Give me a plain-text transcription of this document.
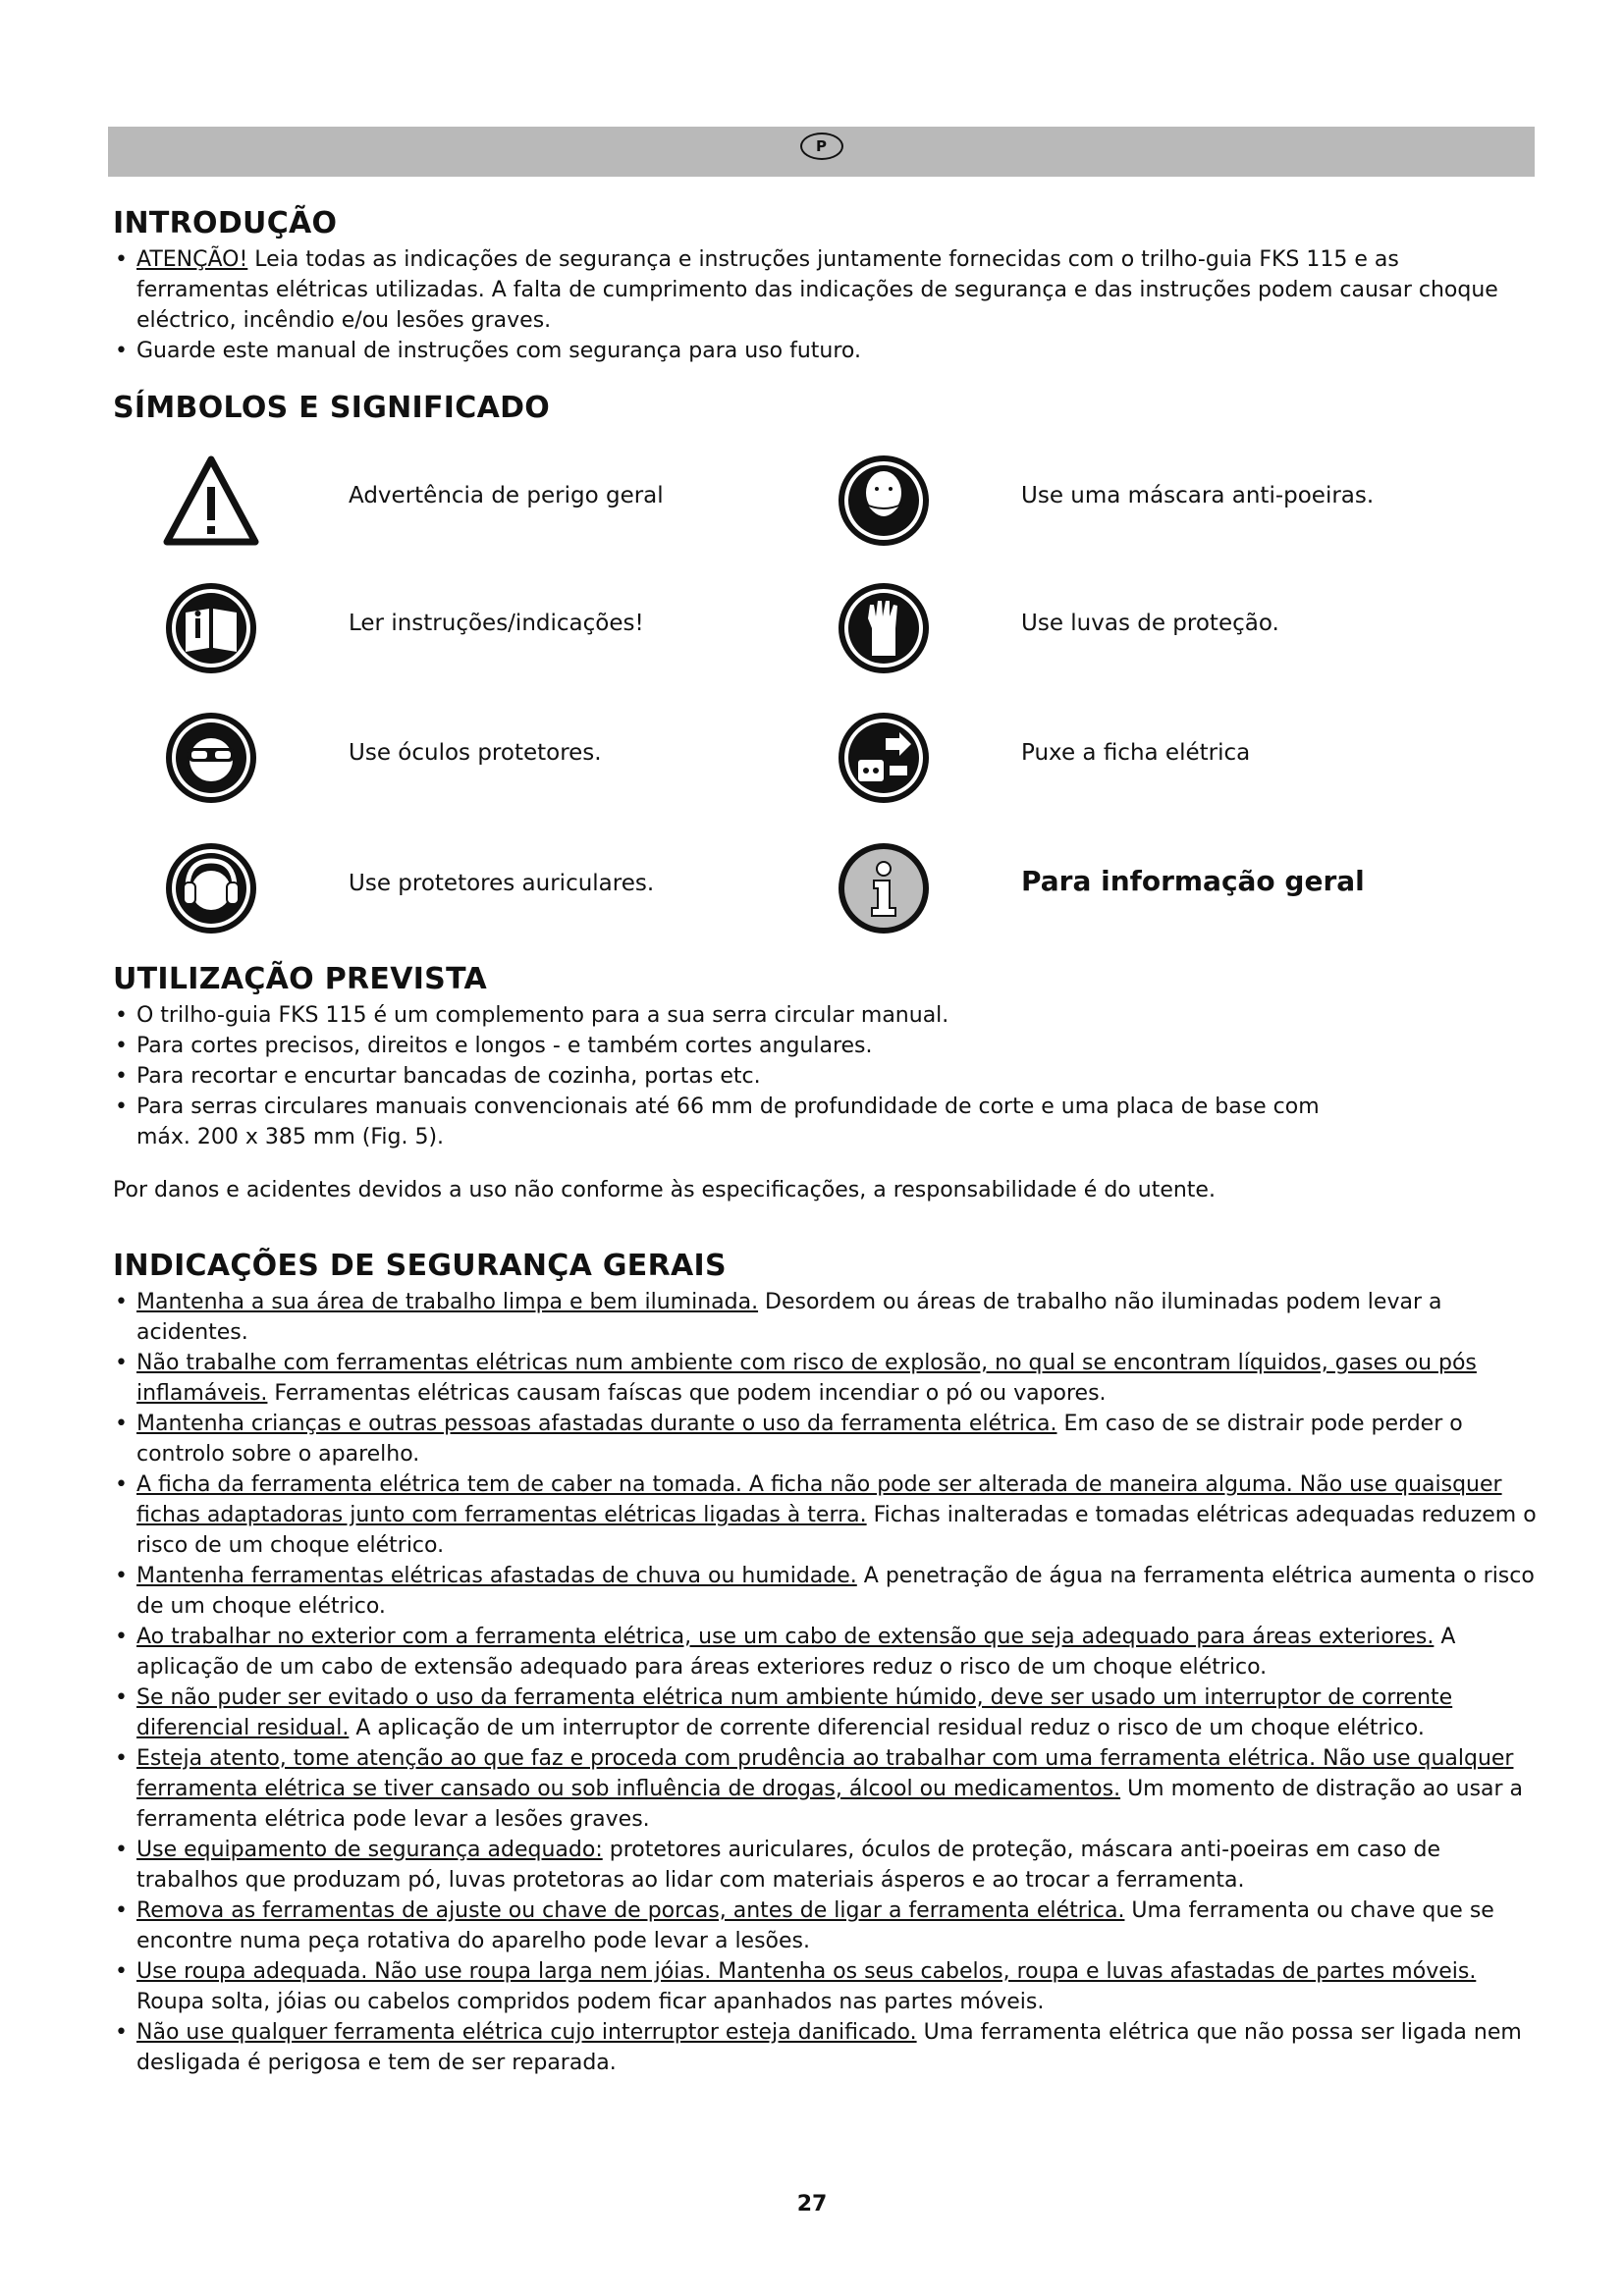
P
INTRODUÇÃO
• ATENÇÃO! Leia todas as indicações de segurança e instruções juntamente fornecidas com o trilho-guia FKS 115 e as ferramentas elétricas utilizadas. A falta de cumprimento das indicações de segurança e das instruções podem causar choque eléctrico, incêndio e/ou lesões graves.
• Guarde este manual de instruções com segurança para uso futuro.
SÍMBOLOS E SIGNIFICADO
Advertência de perigo geral	Use uma máscara anti-poeiras.
Ler instruções/indicações!	Use luvas de proteção.
Use óculos protetores.	Puxe a ficha elétrica
Use protetores auriculares.	Para informação geral
UTILIZAÇÃO PREVISTA
• O trilho-guia FKS 115 é um complemento para a sua serra circular manual.
• Para cortes precisos, direitos e longos - e também cortes angulares.
• Para recortar e encurtar bancadas de cozinha, portas etc.
• Para serras circulares manuais convencionais até 66 mm de profundidade de corte e uma placa de base com máx. 200 x 385 mm (Fig. 5).

Por danos e acidentes devidos a uso não conforme às especificações, a responsabilidade é do utente.

INDICAÇÕES DE SEGURANÇA GERAIS
• Mantenha a sua área de trabalho limpa e bem iluminada. Desordem ou áreas de trabalho não iluminadas podem levar a acidentes.
• Não trabalhe com ferramentas elétricas num ambiente com risco de explosão, no qual se encontram líquidos, gases ou pós inflamáveis. Ferramentas elétricas causam faíscas que podem incendiar o pó ou vapores.
• Mantenha crianças e outras pessoas afastadas durante o uso da ferramenta elétrica. Em caso de se distrair pode perder o controlo sobre o aparelho.
• A ficha da ferramenta elétrica tem de caber na tomada. A ficha não pode ser alterada de maneira alguma. Não use quaisquer fichas adaptadoras junto com ferramentas elétricas ligadas à terra. Fichas inalteradas e tomadas elétricas adequadas reduzem o risco de um choque elétrico.
• Mantenha ferramentas elétricas afastadas de chuva ou humidade. A penetração de água na ferramenta elétrica aumenta o risco de um choque elétrico.
• Ao trabalhar no exterior com a ferramenta elétrica, use um cabo de extensão que seja adequado para áreas exteriores. A aplicação de um cabo de extensão adequado para áreas exteriores reduz o risco de um choque elétrico.
• Se não puder ser evitado o uso da ferramenta elétrica num ambiente húmido, deve ser usado um interruptor de corrente diferencial residual. A aplicação de um interruptor de corrente diferencial residual reduz o risco de um choque elétrico.
• Esteja atento, tome atenção ao que faz e proceda com prudência ao trabalhar com uma ferramenta elétrica. Não use qualquer ferramenta elétrica se tiver cansado ou sob influência de drogas, álcool ou medicamentos. Um momento de distração ao usar a ferramenta elétrica pode levar a lesões graves.
• Use equipamento de segurança adequado: protetores auriculares, óculos de proteção, máscara anti-poeiras em caso de trabalhos que produzam pó, luvas protetoras ao lidar com materiais ásperos e ao trocar a ferramenta.
• Remova as ferramentas de ajuste ou chave de porcas, antes de ligar a ferramenta elétrica. Uma ferramenta ou chave que se encontre numa peça rotativa do aparelho pode levar a lesões.
• Use roupa adequada. Não use roupa larga nem jóias. Mantenha os seus cabelos, roupa e luvas afastadas de partes móveis. Roupa solta, jóias ou cabelos compridos podem ficar apanhados nas partes móveis.
• Não use qualquer ferramenta elétrica cujo interruptor esteja danificado. Uma ferramenta elétrica que não possa ser ligada nem desligada é perigosa e tem de ser reparada.
27
